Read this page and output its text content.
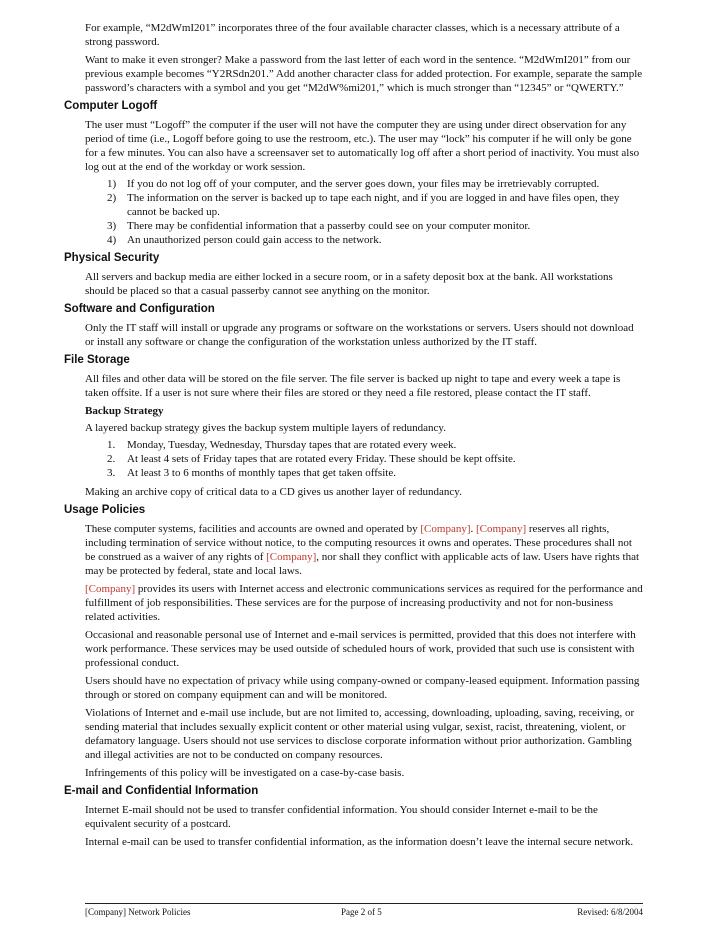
For example, “M2dWmI201” incorporates three of the four available character classes, which is a necessary attribute of a strong password.

Want to make it even stronger? Make a password from the last letter of each word in the sentence. “M2dWmI201” from our previous example becomes “Y2RSdn201.” Add another character class for added protection. For example, separate the sample password’s characters with a symbol and you get “M2dW%mi201,” which is much stronger than “12345” or “QWERTY.”

Computer Logoff

The user must “Logoff” the computer if the user will not have the computer they are using under direct observation for any period of time (i.e., Logoff before going to use the restroom, etc.). The user may “lock” his computer if he will only be gone for a few minutes. You can also have a screensaver set to automatically log off after a short period of inactivity. You must also log out at the end of the workday or work session.

1) If you do not log off of your computer, and the server goes down, your files may be irretrievably corrupted.
2) The information on the server is backed up to tape each night, and if you are logged in and have files open, they cannot be backed up.
3) There may be confidential information that a passerby could see on your computer monitor.
4) An unauthorized person could gain access to the network.
Physical Security

All servers and backup media are either locked in a secure room, or in a safety deposit box at the bank. All workstations should be placed so that a casual passerby cannot see anything on the monitor.

Software and Configuration

Only the IT staff will install or upgrade any programs or software on the workstations or servers. Users should not download or install any software or change the configuration of the workstation unless authorized by the IT staff.

File Storage

All files and other data will be stored on the file server. The file server is backed up night to tape and every week a tape is taken offsite. If a user is not sure where their files are stored or they need a file restored, please contact the IT staff.

Backup Strategy

A layered backup strategy gives the backup system multiple layers of redundancy.

1. Monday, Tuesday, Wednesday, Thursday tapes that are rotated every week.
2. At least 4 sets of Friday tapes that are rotated every Friday. These should be kept offsite.
3. At least 3 to 6 months of monthly tapes that get taken offsite.

Making an archive copy of critical data to a CD gives us another layer of redundancy.

Usage Policies

These computer systems, facilities and accounts are owned and operated by [Company]. [Company] reserves all rights, including termination of service without notice, to the computing resources it owns and operates. These procedures shall not be construed as a waiver of any rights of [Company], nor shall they conflict with applicable acts of law. Users have rights that may be protected by federal, state and local laws.

[Company] provides its users with Internet access and electronic communications services as required for the performance and fulfillment of job responsibilities. These services are for the purpose of increasing productivity and not for non-business related activities.

Occasional and reasonable personal use of Internet and e-mail services is permitted, provided that this does not interfere with work performance. These services may be used outside of scheduled hours of work, provided that such use is consistent with professional conduct.

Users should have no expectation of privacy while using company-owned or company-leased equipment. Information passing through or stored on company equipment can and will be monitored.

Violations of Internet and e-mail use include, but are not limited to, accessing, downloading, uploading, saving, receiving, or sending material that includes sexually explicit content or other material using vulgar, sexist, racist, threatening, violent, or defamatory language. Users should not use services to disclose corporate information without prior authorization. Gambling and illegal activities are not to be conducted on company resources.

Infringements of this policy will be investigated on a case-by-case basis.

E-mail and Confidential Information

Internet E-mail should not be used to transfer confidential information. You should consider Internet e-mail to be the equivalent security of a postcard.

Internal e-mail can be used to transfer confidential information, as the information doesn’t leave the internal secure network.

[Company] Network Policies	Page 2 of 5	Revised: 6/8/2004
